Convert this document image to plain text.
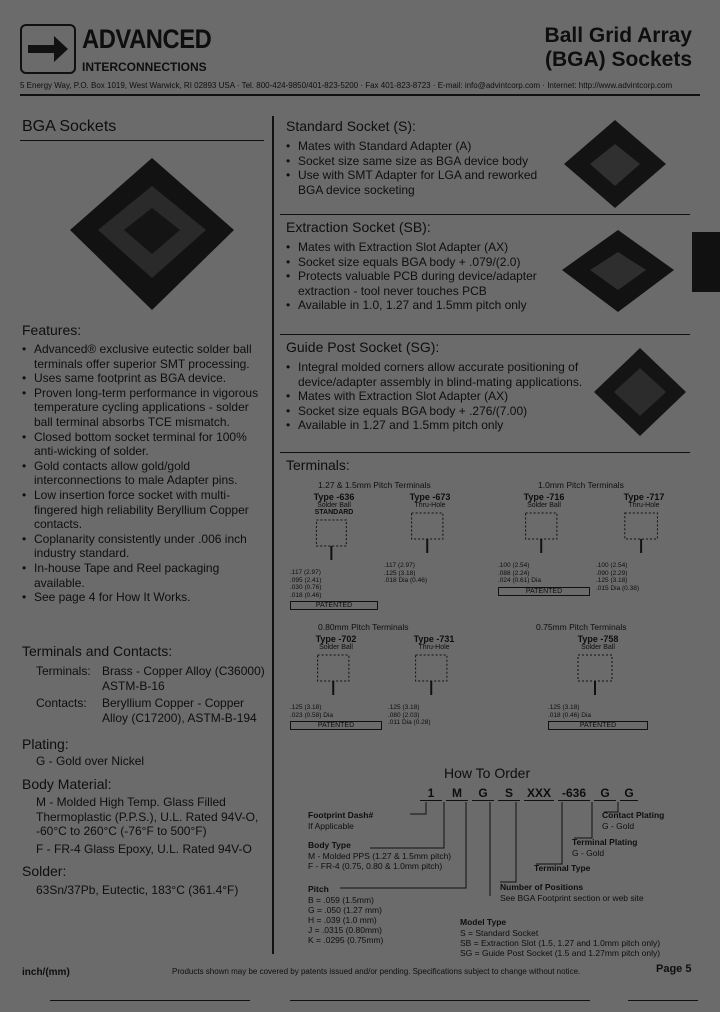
ADVANCED
INTERCONNECTIONS
5 Energy Way, P.O. Box 1019, West Warwick, RI 02893 USA · Tel. 800-424-9850/401-823-5200 · Fax 401-823-8723 · E-mail: info@advintcorp.com · Internet: http://www.advintcorp.com
Ball Grid Array
(BGA) Sockets
BGA Sockets
Features:
• Advanced® exclusive eutectic solder ball terminals offer superior SMT processing.
• Uses same footprint as BGA device.
• Proven long-term performance in vigorous temperature cycling applications - solder ball terminal absorbs TCE mismatch.
• Closed bottom socket terminal for 100% anti-wicking of solder.
• Gold contacts allow gold/gold interconnections to male Adapter pins.
• Low insertion force socket with multi-fingered high reliability Beryllium Copper contacts.
• Coplanarity consistently under .006 inch industry standard.
• In-house Tape and Reel packaging available.
• See page 4 for How It Works.
Terminals and Contacts:
Terminals: Brass - Copper Alloy (C36000) ASTM-B-16
Contacts:	Beryllium Copper - Copper Alloy (C17200), ASTM-B-194
Plating:
G - Gold over Nickel
Body Material:
M - Molded High Temp. Glass Filled Thermoplastic (P.P.S.), U.L. Rated 94V-O, -60°C to 260°C (-76°F to 500°F)
F - FR-4 Glass Epoxy, U.L. Rated 94V-O
Solder:
63Sn/37Pb, Eutectic, 183°C (361.4°F)
Standard Socket (S):
• Mates with Standard Adapter (A)
• Socket size same size as BGA device body
• Use with SMT Adapter for LGA and reworked BGA device socketing
Extraction Socket (SB):
• Mates with Extraction Slot Adapter (AX)
• Socket size equals BGA body + .079/(2.0)
• Protects valuable PCB during device/adapter extraction - tool never touches PCB
• Available in 1.0, 1.27 and 1.5mm pitch only
Guide Post Socket (SG):
• Integral molded corners allow accurate positioning of device/adapter assembly in blind-mating applications.
• Mates with Extraction Slot Adapter (AX)
• Socket size equals BGA body + .276/(7.00)
• Available in 1.27 and 1.5mm pitch only
Terminals:
1.27 & 1.5mm Pitch Terminals	1.0mm Pitch Terminals
0.80mm Pitch Terminals	0.75mm Pitch Terminals
Type -636
Solder Ball
STANDARD
.117 (2.97)
.095 (2.41)
.030 (0.76)
.018 (0.46)
PATENTED
Type -673
Thru-Hole
.117 (2.97)
.125 (3.18)
.018 Dia (0.46)
Type -716
Solder Ball
.100 (2.54)
.088 (2.24)
.024 (0.61) Dia
PATENTED
Type -717
Thru-Hole
.100 (2.54)
.090 (2.29)
.125 (3.18)
.015 Dia (0.38)
Type -702
Solder Ball
.125 (3.18)
.023 (0.58) Dia
PATENTED
Type -731
Thru-Hole
.125 (3.18)
.080 (2.03)
.011 Dia (0.28)
Type -758
Solder Ball
.125 (3.18)
.018 (0.46) Dia
PATENTED
How To Order
1	M	G	S	XXX -636	G	G
Footprint Dash#
If Applicable
Body Type
M - Molded PPS (1.27 & 1.5mm pitch)
F - FR-4 (0.75, 0.80 & 1.0mm pitch)
Pitch
B = .059 (1.5mm)
G = .050 (1.27 mm)
H = .039 (1.0 mm)
J = .0315 (0.80mm)
K = .0295 (0.75mm)
Contact Plating
G - Gold
Terminal Plating
G - Gold
Terminal Type
Number of Positions
See BGA Footprint section or web site
Model Type
S = Standard Socket
SB = Extraction Slot (1.5, 1.27 and 1.0mm pitch only)
SG = Guide Post Socket (1.5 and 1.27mm pitch only)
inch/(mm)	Products shown may be covered by patents issued and/or pending. Specifications subject to change without notice.	Page 5
